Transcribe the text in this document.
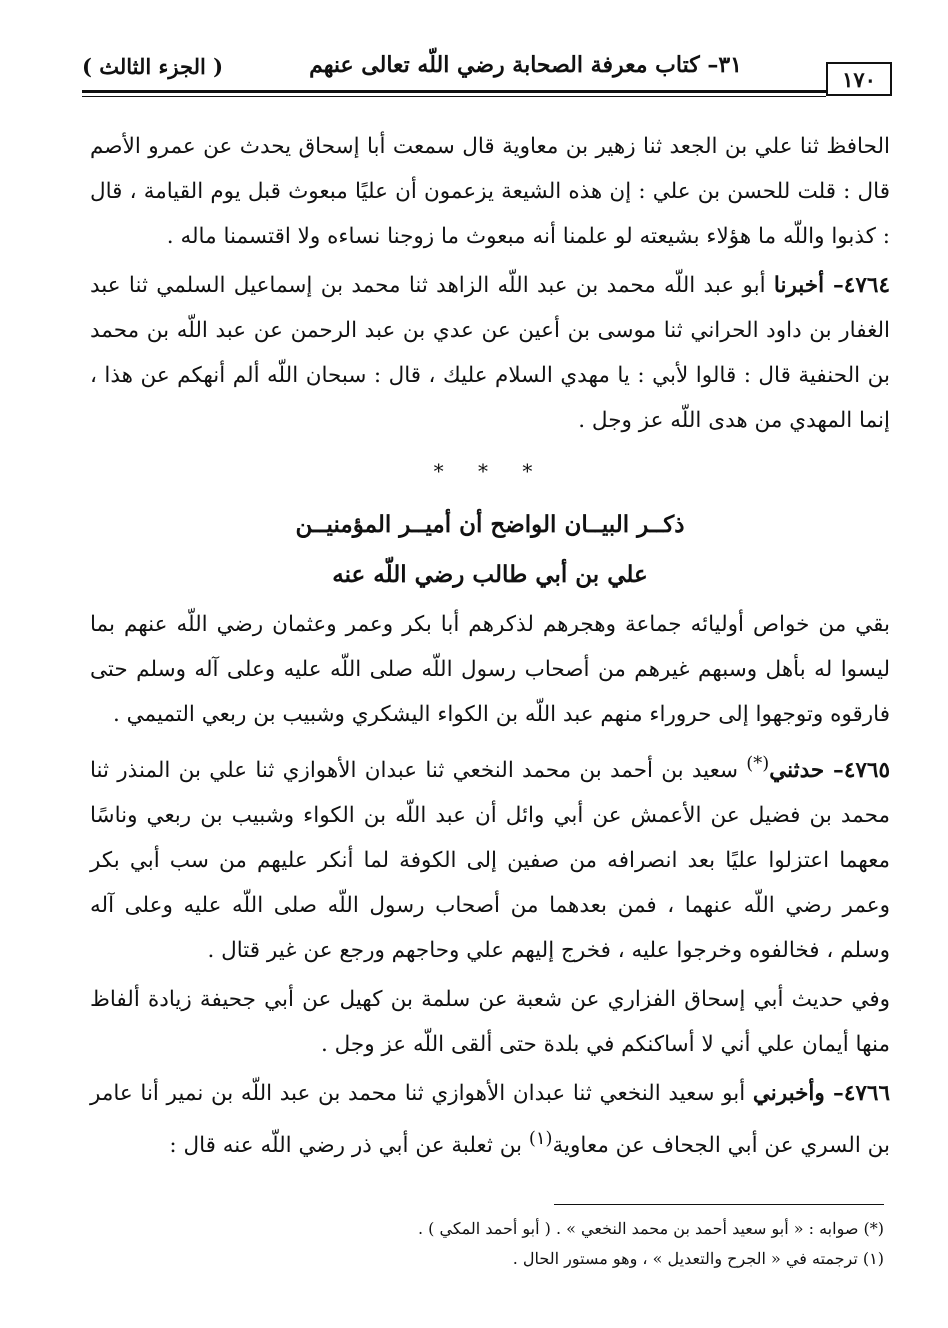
( الجزء الثالث )	٣١– كتاب معرفة الصحابة رضي اللّه تعالى عنهم
١٧٠

الحافظ ثنا علي بن الجعد ثنا زهير بن معاوية قال سمعت أبا إسحاق يحدث عن عمرو الأصم قال : قلت للحسن بن علي : إن هذه الشيعة يزعمون أن عليًا مبعوث قبل يوم القيامة ، قال : كذبوا واللّه ما هؤلاء بشيعته لو علمنا أنه مبعوث ما زوجنا نساءه ولا اقتسمنا ماله .

٤٧٦٤– أخبرنا أبو عبد اللّه محمد بن عبد اللّه الزاهد ثنا محمد بن إسماعيل السلمي ثنا عبد الغفار بن داود الحراني ثنا موسى بن أعين عن عدي بن عبد الرحمن عن عبد اللّه بن محمد بن الحنفية قال : قالوا لأبي : يا مهدي السلام عليك ، قال : سبحان اللّه ألم أنهكم عن هذا ، إنما المهدي من هدى اللّه عز وجل .

* * *

ذكــر البيــان الواضح أن أميــر المؤمنيــن

علي بن أبي طالب رضي اللّه عنه

بقي من خواص أوليائه جماعة وهجرهم لذكرهم أبا بكر وعمر وعثمان رضي اللّه عنهم بما ليسوا له بأهل وسبهم غيرهم من أصحاب رسول اللّه صلى اللّه عليه وعلى آله وسلم حتى فارقوه وتوجهوا إلى حروراء منهم عبد اللّه بن الكواء اليشكري وشبيب بن ربعي التميمي .

٤٧٦٥– حدثني(*) سعيد بن أحمد بن محمد النخعي ثنا عبدان الأهوازي ثنا علي بن المنذر ثنا محمد بن فضيل عن الأعمش عن أبي وائل أن عبد اللّه بن الكواء وشبيب بن ربعي وناسًا معهما اعتزلوا عليًا بعد انصرافه من صفين إلى الكوفة لما أنكر عليهم من سب أبي بكر وعمر رضي اللّه عنهما ، فمن بعدهما من أصحاب رسول اللّه صلى اللّه عليه وعلى آله وسلم ، فخالفوه وخرجوا عليه ، فخرج إليهم علي وحاجهم ورجع عن غير قتال .

وفي حديث أبي إسحاق الفزاري عن شعبة عن سلمة بن كهيل عن أبي جحيفة زيادة ألفاظ منها أيمان علي أني لا أساكنكم في بلدة حتى ألقى اللّه عز وجل .

٤٧٦٦– وأخبرني أبو سعيد النخعي ثنا عبدان الأهوازي ثنا محمد بن عبد اللّه بن نمير أنا عامر بن السري عن أبي الجحاف عن معاوية$^{(١)}$ بن ثعلبة عن أبي ذر رضي اللّه عنه قال :

(*) صوابه : « أبو سعيد أحمد بن محمد النخعي » . ( أبو أحمد المكي ) .

(١) ترجمته في « الجرح والتعديل » ، وهو مستور الحال .
